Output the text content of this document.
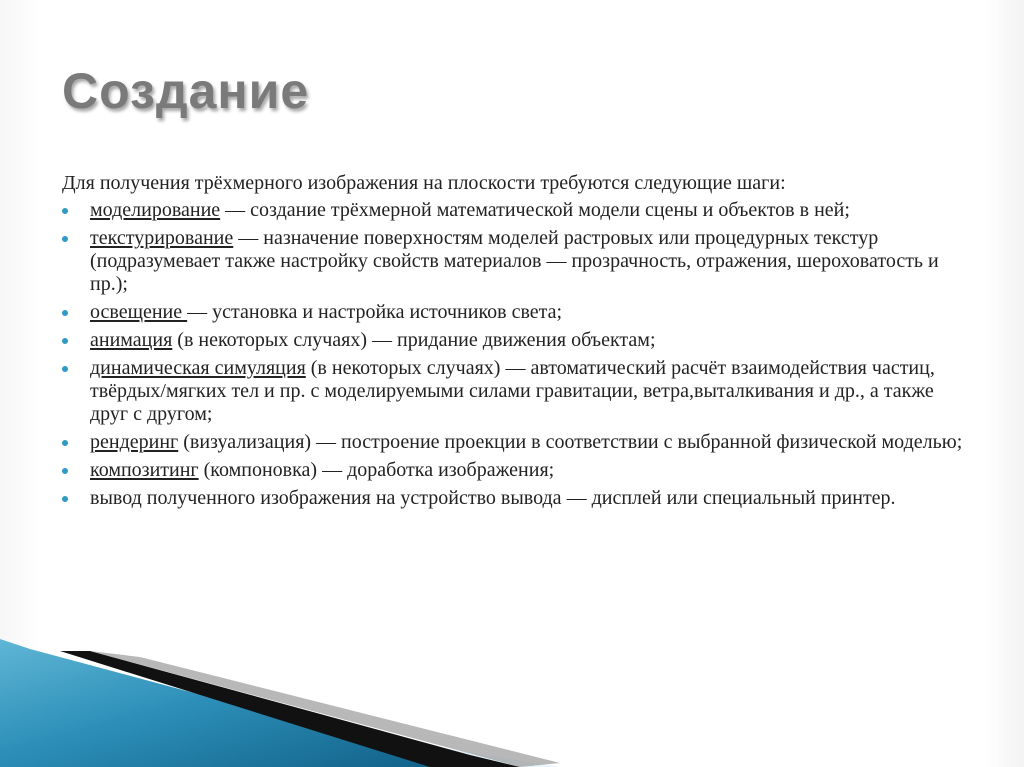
Создание

Для получения трёхмерного изображения на плоскости требуются следующие шаги:

моделирование — создание трёхмерной математической модели сцены и объектов в ней;
текстурирование — назначение поверхностям моделей растровых или процедурных текстур (подразумевает также настройку свойств материалов — прозрачность, отражения, шероховатость и пр.);
освещение — установка и настройка источников света;
анимация (в некоторых случаях) — придание движения объектам;
динамическая симуляция (в некоторых случаях) — автоматический расчёт взаимодействия частиц, твёрдых/мягких тел и пр. с моделируемыми силами гравитации, ветра,выталкивания и др., а также друг с другом;
рендеринг (визуализация) — построение проекции в соответствии с выбранной физической моделью;
композитинг (компоновка) — доработка изображения;
вывод полученного изображения на устройство вывода — дисплей или специальный принтер.
